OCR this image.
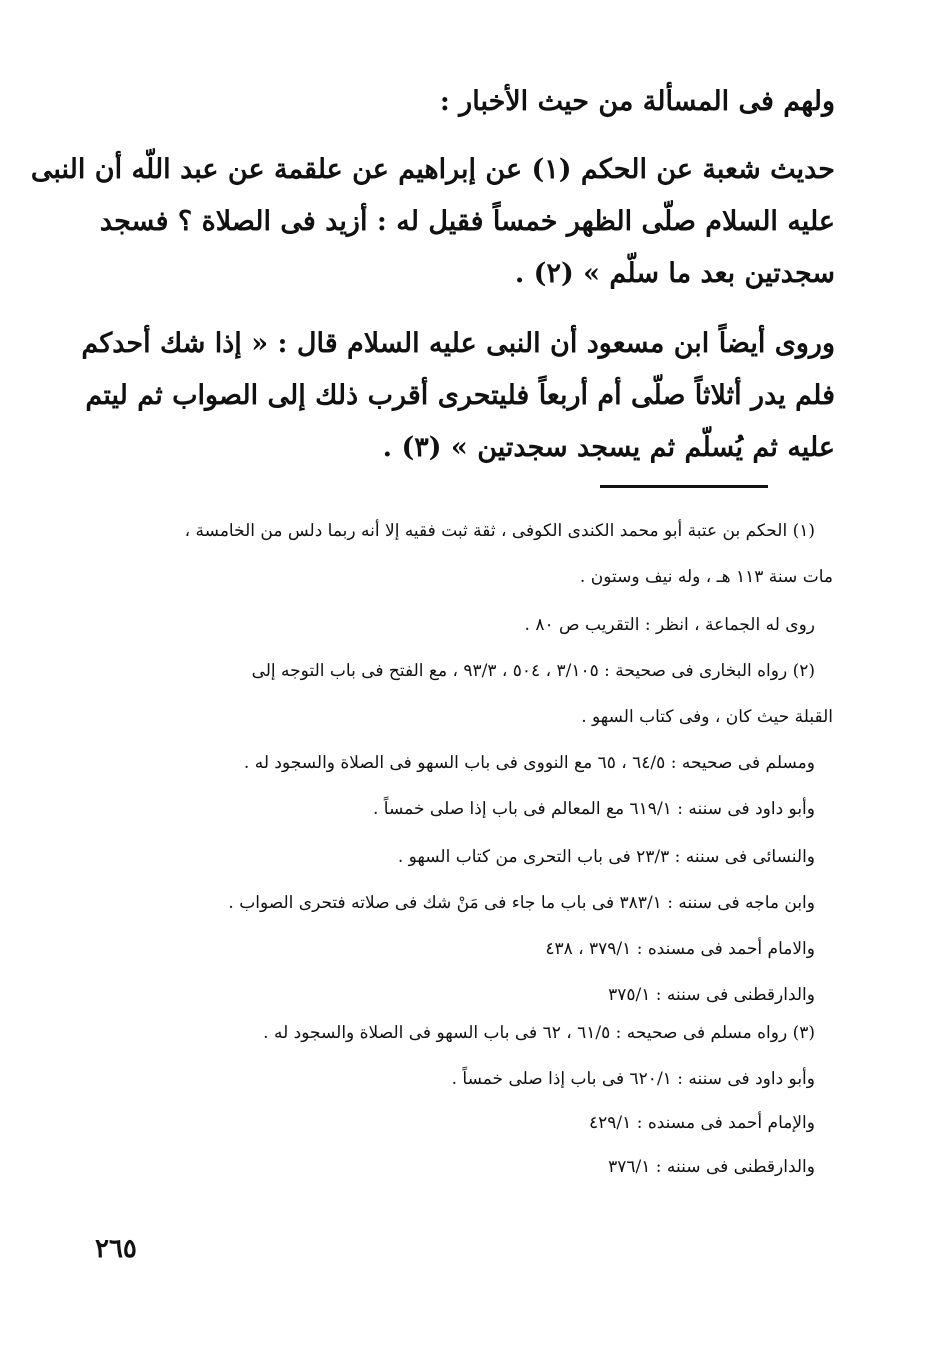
ولهم فى المسألة من حيث الأخبار :
حديث شعبة عن الحكم (١) عن إبراهيم عن علقمة عن عبد اللّه أن النبى
عليه السلام صلّى الظهر خمساً فقيل له : أزيد فى الصلاة ؟ فسجد
سجدتين بعد ما سلّم » (٢) .
وروى أيضاً ابن مسعود أن النبى عليه السلام قال : « إذا شك أحدكم
فلم يدر أثلاثاً صلّى أم أربعاً فليتحرى أقرب ذلك إلى الصواب ثم ليتم
عليه ثم يُسلّم ثم يسجد سجدتين » (٣) .
(١) الحكم بن عتبة أبو محمد الكندى الكوفى ، ثقة ثبت فقيه إلا أنه ربما دلس من الخامسة ،
مات سنة ١١٣ هـ ، وله نيف وستون .
روى له الجماعة ، انظر : التقريب ص ٨٠ .
(٢) رواه البخارى فى صحيحة : ٣/١٠٥ ، ٥٠٤ ، ٩٣/٣ ، مع الفتح فى باب التوجه إلى
القبلة حيث كان ، وفى كتاب السهو .
ومسلم فى صحيحه : ٦٤/٥ ، ٦٥ مع النووى فى باب السهو فى الصلاة والسجود له .
وأبو داود فى سننه : ٦١٩/١ مع المعالم فى باب إذا صلى خمساً .
والنسائى فى سننه : ٢٣/٣ فى باب التحرى من كتاب السهو .
وابن ماجه فى سننه : ٣٨٣/١ فى باب ما جاء فى مَنْ شك فى صلاته فتحرى الصواب .
والامام أحمد فى مسنده : ٣٧٩/١ ، ٤٣٨
والدارقطنى فى سننه : ٣٧٥/١
(٣) رواه مسلم فى صحيحه : ٦١/٥ ، ٦٢ فى باب السهو فى الصلاة والسجود له .
وأبو داود فى سننه : ٦٢٠/١ فى باب إذا صلى خمساً .
والإمام أحمد فى مسنده : ٤٢٩/١
والدارقطنى فى سننه : ٣٧٦/١
٢٦٥
